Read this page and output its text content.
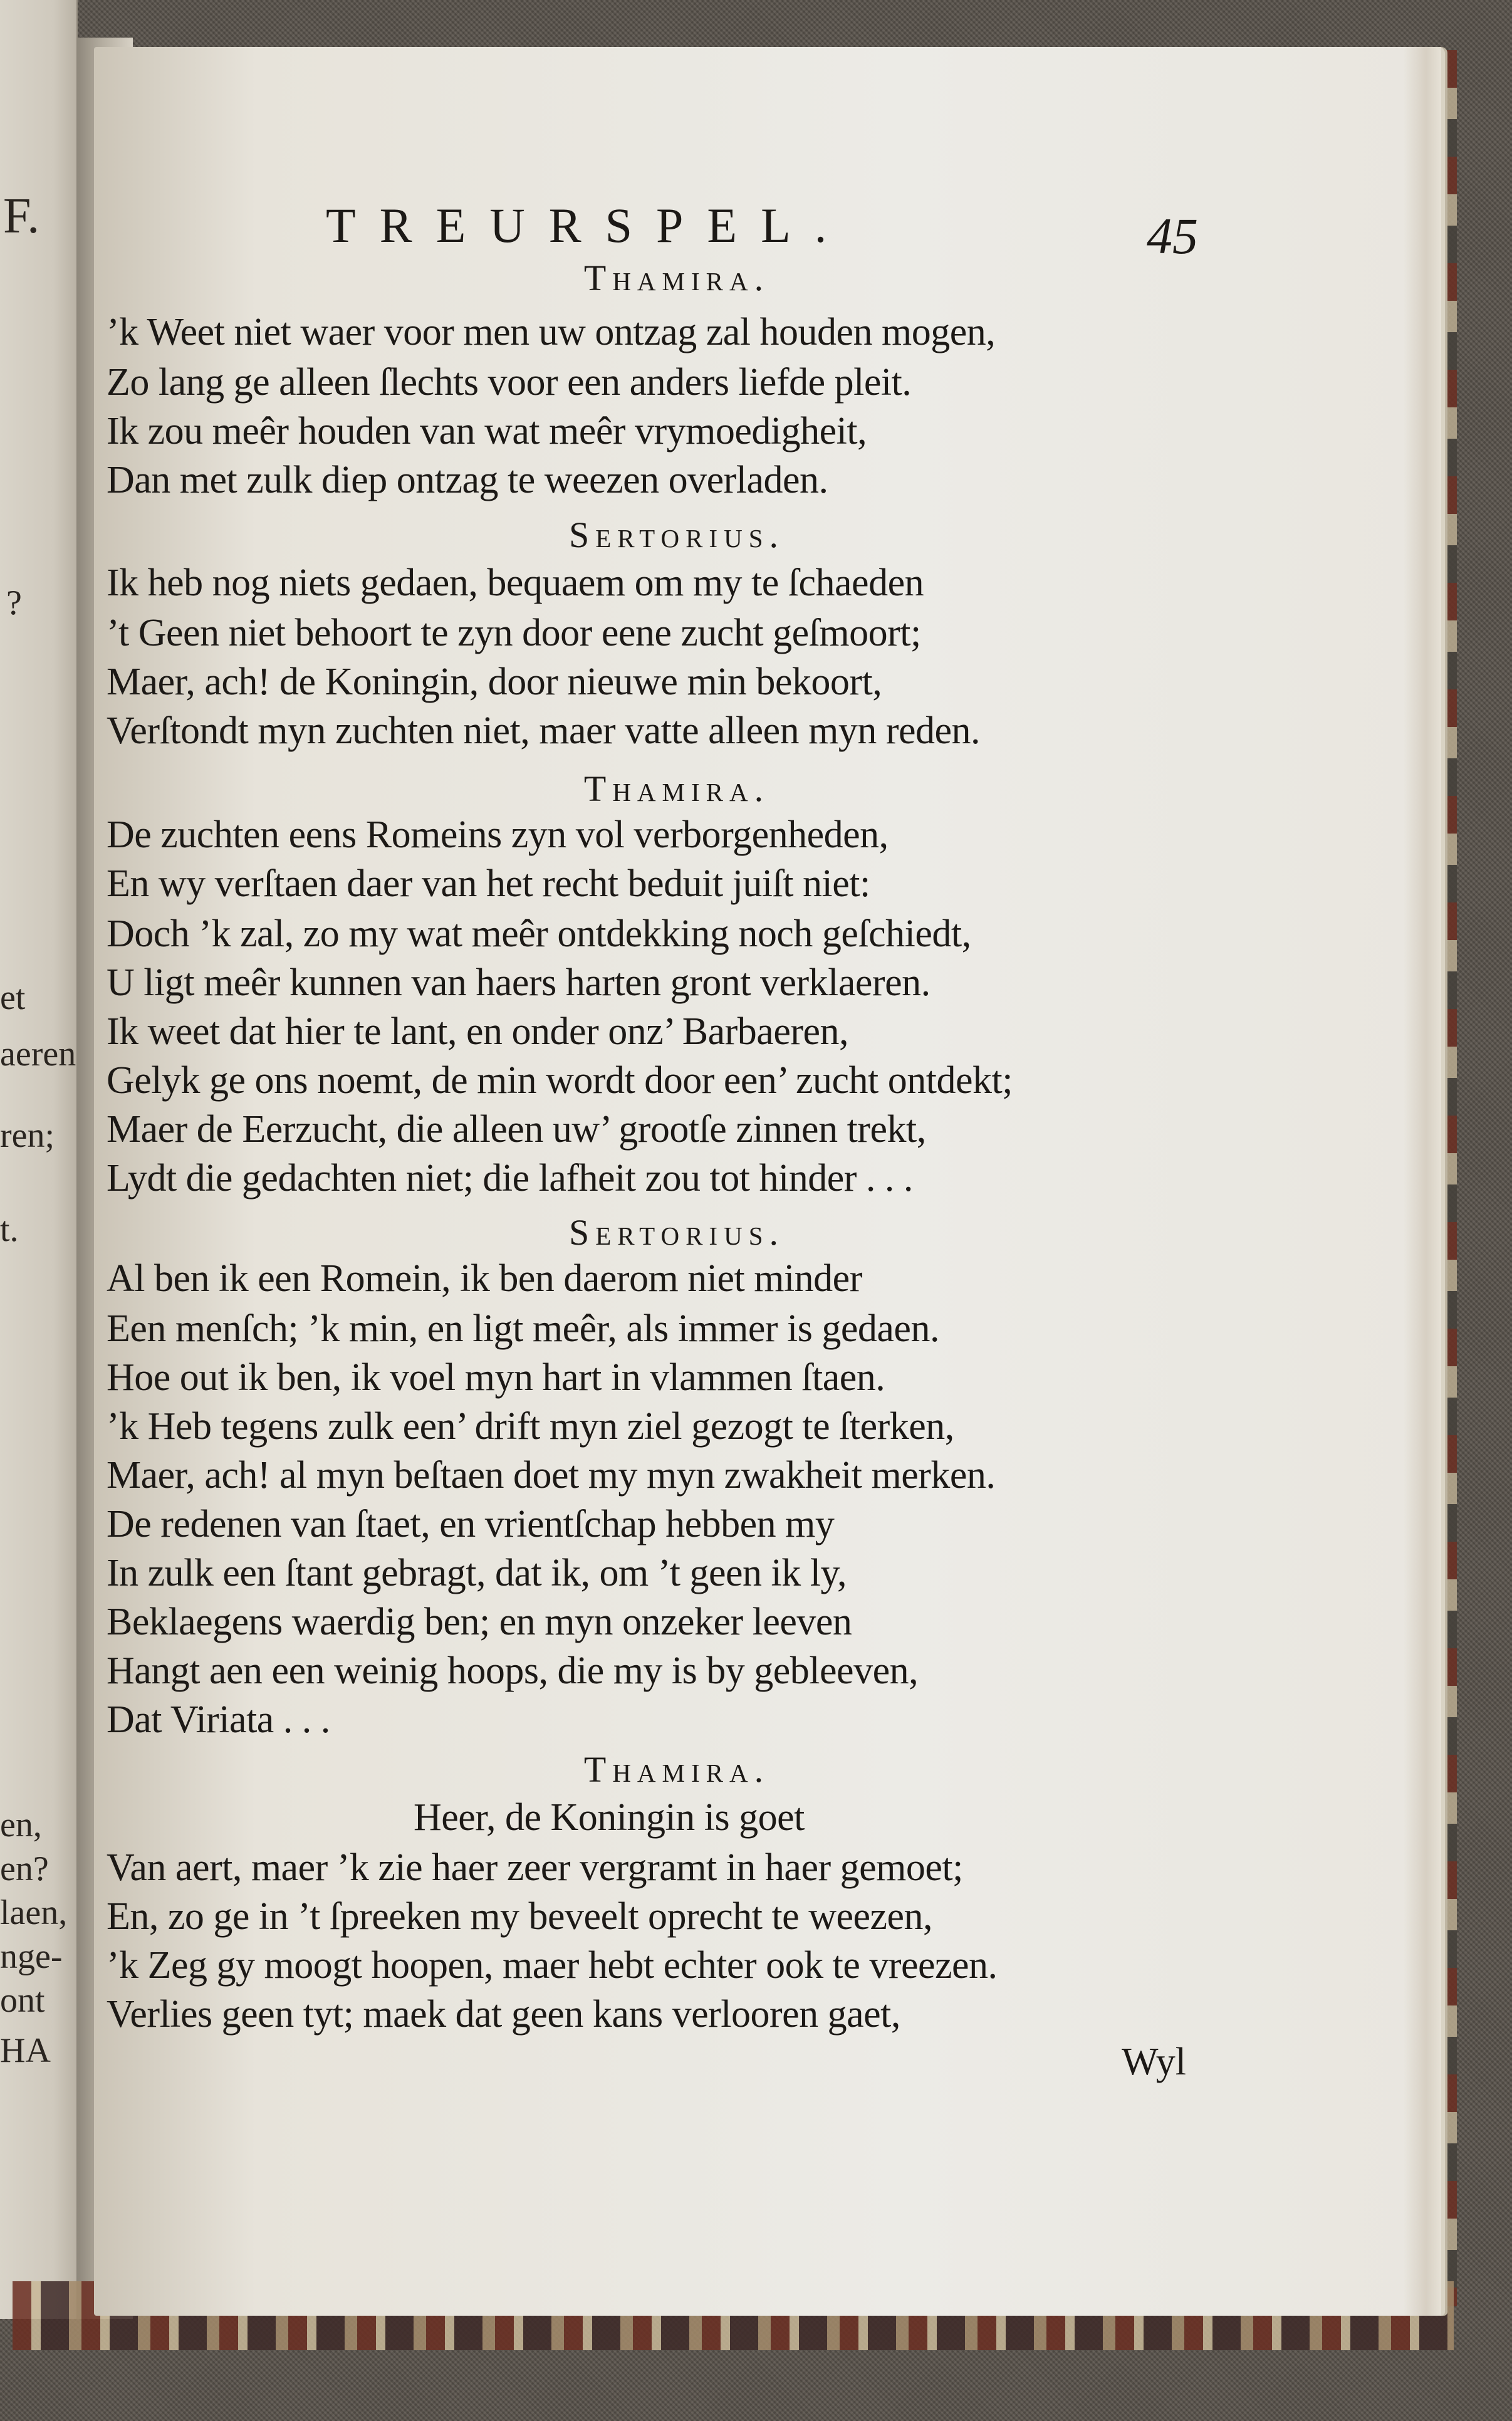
F.
?
et
aeren
ren;
t.
en,
en?
laen,
nge-
ont
HA
TREURSPEL.	45
Thamira.
’k Weet niet waer voor men uw ontzag zal houden mogen,
Zo lang ge alleen ſlechts voor een anders liefde pleit.
Ik zou meêr houden van wat meêr vrymoedigheit,
Dan met zulk diep ontzag te weezen overladen.
Sertorius.
Ik heb nog niets gedaen, bequaem om my te ſchaeden
’t Geen niet behoort te zyn door eene zucht geſmoort;
Maer, ach! de Koningin, door nieuwe min bekoort,
Verſtondt myn zuchten niet, maer vatte alleen myn reden.
Thamira.
De zuchten eens Romeins zyn vol verborgenheden,
En wy verſtaen daer van het recht beduit juiſt niet:
Doch ’k zal, zo my wat meêr ontdekking noch geſchiedt,
U ligt meêr kunnen van haers harten gront verklaeren.
Ik weet dat hier te lant, en onder onz’ Barbaeren,
Gelyk ge ons noemt, de min wordt door een’ zucht ontdekt;
Maer de Eerzucht, die alleen uw’ grootſe zinnen trekt,
Lydt die gedachten niet; die lafheit zou tot hinder . . .
Sertorius.
Al ben ik een Romein, ik ben daerom niet minder
Een menſch; ’k min, en ligt meêr, als immer is gedaen.
Hoe out ik ben, ik voel myn hart in vlammen ſtaen.
’k Heb tegens zulk een’ drift myn ziel gezogt te ſterken,
Maer, ach! al myn beſtaen doet my myn zwakheit merken.
De redenen van ſtaet, en vrientſchap hebben my
In zulk een ſtant gebragt, dat ik, om ’t geen ik ly,
Beklaegens waerdig ben; en myn onzeker leeven
Hangt aen een weinig hoops, die my is by gebleeven,
Dat Viriata . . .
Thamira.
Heer, de Koningin is goet
Van aert, maer ’k zie haer zeer vergramt in haer gemoet;
En, zo ge in ’t ſpreeken my beveelt oprecht te weezen,
’k Zeg gy moogt hoopen, maer hebt echter ook te vreezen.
Verlies geen tyt; maek dat geen kans verlooren gaet,
Wyl
